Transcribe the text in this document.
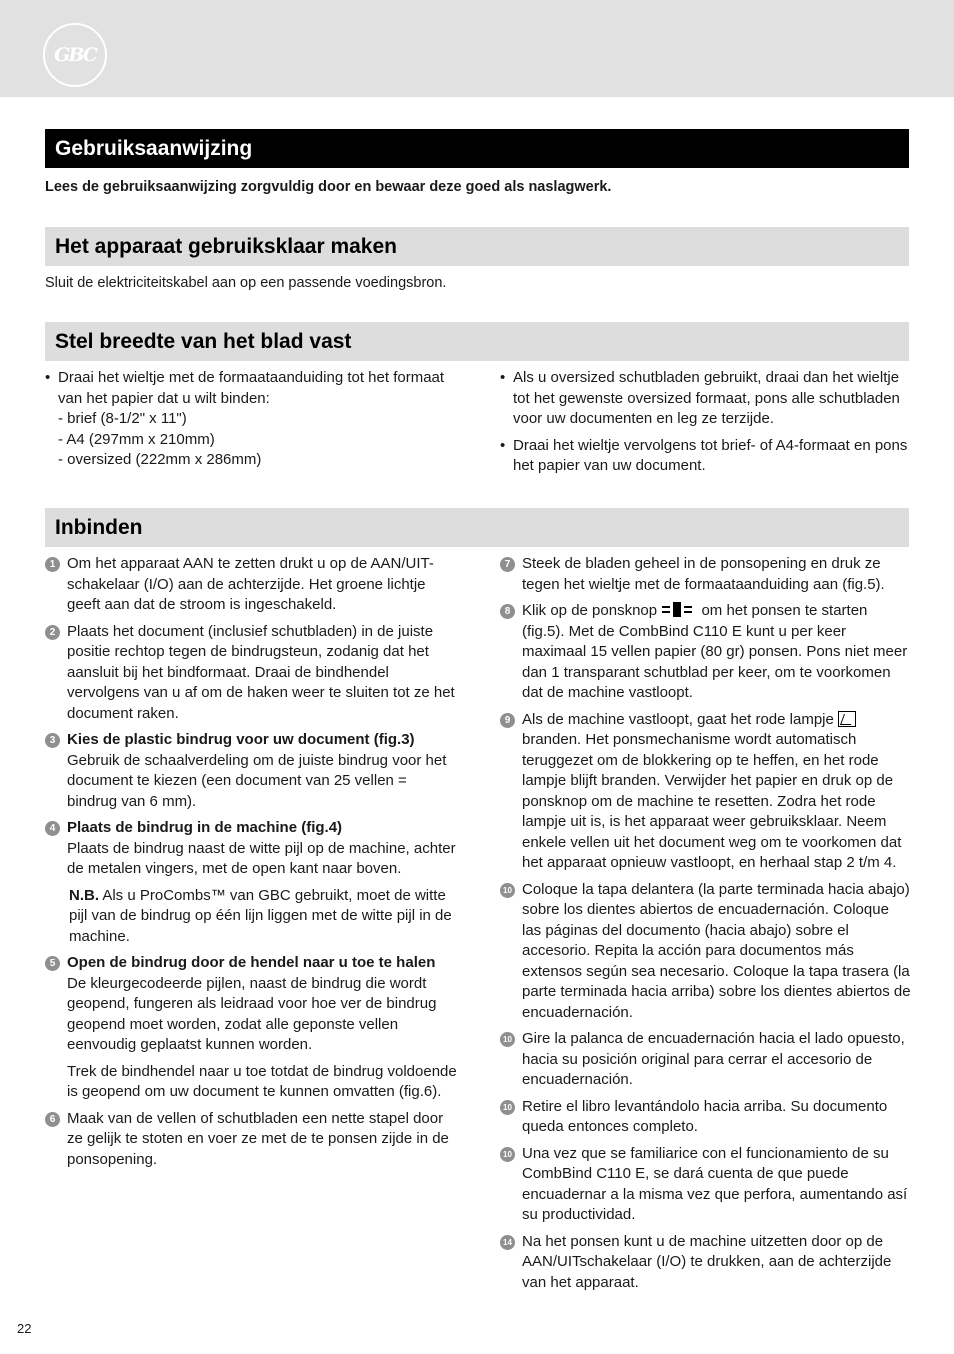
GBC
Gebruiksaanwijzing
Lees de gebruiksaanwijzing zorgvuldig door en bewaar deze goed als naslagwerk.
Het apparaat gebruiksklaar maken
Sluit de elektriciteitskabel aan op een passende voedingsbron.
Stel breedte van het blad vast
• Draai het wieltje met de formaataanduiding tot het formaat van het papier dat u wilt binden:
- brief (8-1/2" x 11")
- A4 (297mm x 210mm)
- oversized (222mm x 286mm)
• Als u oversized schutbladen gebruikt, draai dan het wieltje tot het gewenste oversized formaat, pons alle schutbladen voor uw documenten en leg ze terzijde.
• Draai het wieltje vervolgens tot brief- of A4-formaat en pons het papier van uw document.
Inbinden
1 Om het apparaat AAN te zetten drukt u op de AAN/UIT-schakelaar (I/O) aan de achterzijde. Het groene lichtje geeft aan dat de stroom is ingeschakeld.
2 Plaats het document (inclusief schutbladen) in de juiste positie rechtop tegen de bindrugsteun, zodanig dat het aansluit bij het bindformaat. Draai de bindhendel vervolgens van u af om de haken weer te sluiten tot ze het document raken.
3 Kies de plastic bindrug voor uw document (fig.3)
Gebruik de schaalverdeling om de juiste bindrug voor het document te kiezen (een document van 25 vellen = bindrug van 6 mm).
4 Plaats de bindrug in de machine (fig.4)
Plaats de bindrug naast de witte pijl op de machine, achter de metalen vingers, met de open kant naar boven.
N.B. Als u ProCombs™ van GBC gebruikt, moet de witte pijl van de bindrug op één lijn liggen met de witte pijl in de machine.
5 Open de bindrug door de hendel naar u toe te halen
De kleurgecodeerde pijlen, naast de bindrug die wordt geopend, fungeren als leidraad voor hoe ver de bindrug geopend moet worden, zodat alle geponste vellen eenvoudig geplaatst kunnen worden.
Trek de bindhendel naar u toe totdat de bindrug voldoende is geopend om uw document te kunnen omvatten (fig.6).
6 Maak van de vellen of schutbladen een nette stapel door ze gelijk te stoten en voer ze met de te ponsen zijde in de ponsopening.
7 Steek de bladen geheel in de ponsopening en druk ze tegen het wieltje met de formaataanduiding aan (fig.5).
8 Klik op de ponsknop	om het ponsen te starten (fig.5). Met de CombBind C110 E kunt u per keer maximaal 15 vellen papier (80 gr) ponsen. Pons niet meer dan 1 transparant schutblad per keer, om te voorkomen dat de machine vastloopt.
9 Als de machine vastloopt, gaat het rode lampje
branden. Het ponsmechanisme wordt automatisch teruggezet om de blokkering op te heffen, en het rode lampje blijft branden. Verwijder het papier en druk op de ponsknop om de machine te resetten. Zodra het rode lampje uit is, is het apparaat weer gebruiksklaar. Neem enkele vellen uit het document weg om te voorkomen dat het apparaat opnieuw vastloopt, en herhaal stap 2 t/m 4.
10 Coloque la tapa delantera (la parte terminada hacia abajo) sobre los dientes abiertos de encuadernación. Coloque las páginas del documento (hacia abajo) sobre el accesorio. Repita la acción para documentos más extensos según sea necesario. Coloque la tapa trasera (la parte terminada hacia arriba) sobre los dientes abiertos de encuadernación.
10 Gire la palanca de encuadernación hacia el lado opuesto, hacia su posición original para cerrar el accesorio de encuadernación.
10 Retire el libro levantándolo hacia arriba. Su documento queda entonces completo.
10 Una vez que se familiarice con el funcionamiento de su CombBind C110 E, se dará cuenta de que puede encuadernar a la misma vez que perfora, aumentando así su productividad.
14 Na het ponsen kunt u de machine uitzetten door op de AAN/UITschakelaar (I/O) te drukken, aan de achterzijde van het apparaat.
22
